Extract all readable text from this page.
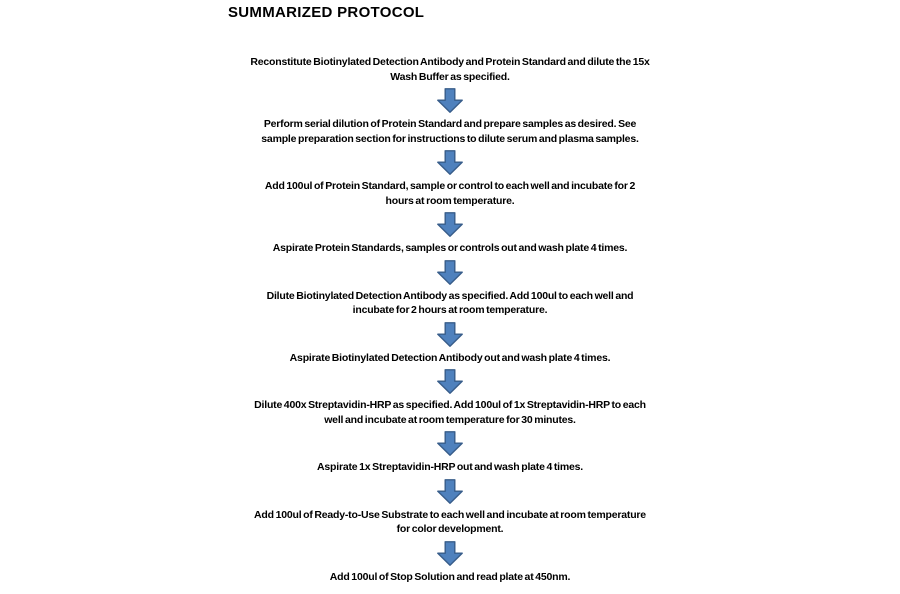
SUMMARIZED PROTOCOL
Reconstitute Biotinylated Detection Antibody and Protein Standard and dilute the 15x
Wash Buffer as specified.
Perform serial dilution of Protein Standard and prepare samples as desired. See
sample preparation section for instructions to dilute serum and plasma samples.
Add 100ul of Protein Standard, sample or control to each well and incubate for 2
hours at room temperature.
Aspirate Protein Standards, samples or controls out and wash plate 4 times.
Dilute Biotinylated Detection Antibody as specified. Add 100ul to each well and
incubate for 2 hours at room temperature.
Aspirate Biotinylated Detection Antibody out and wash plate 4 times.
Dilute 400x Streptavidin-HRP as specified. Add 100ul of 1x Streptavidin-HRP to each
well and incubate at room temperature for 30 minutes.
Aspirate 1x Streptavidin-HRP out and wash plate 4 times.
Add 100ul of Ready-to-Use Substrate to each well and incubate at room temperature
for color development.
Add 100ul of Stop Solution and read plate at 450nm.
